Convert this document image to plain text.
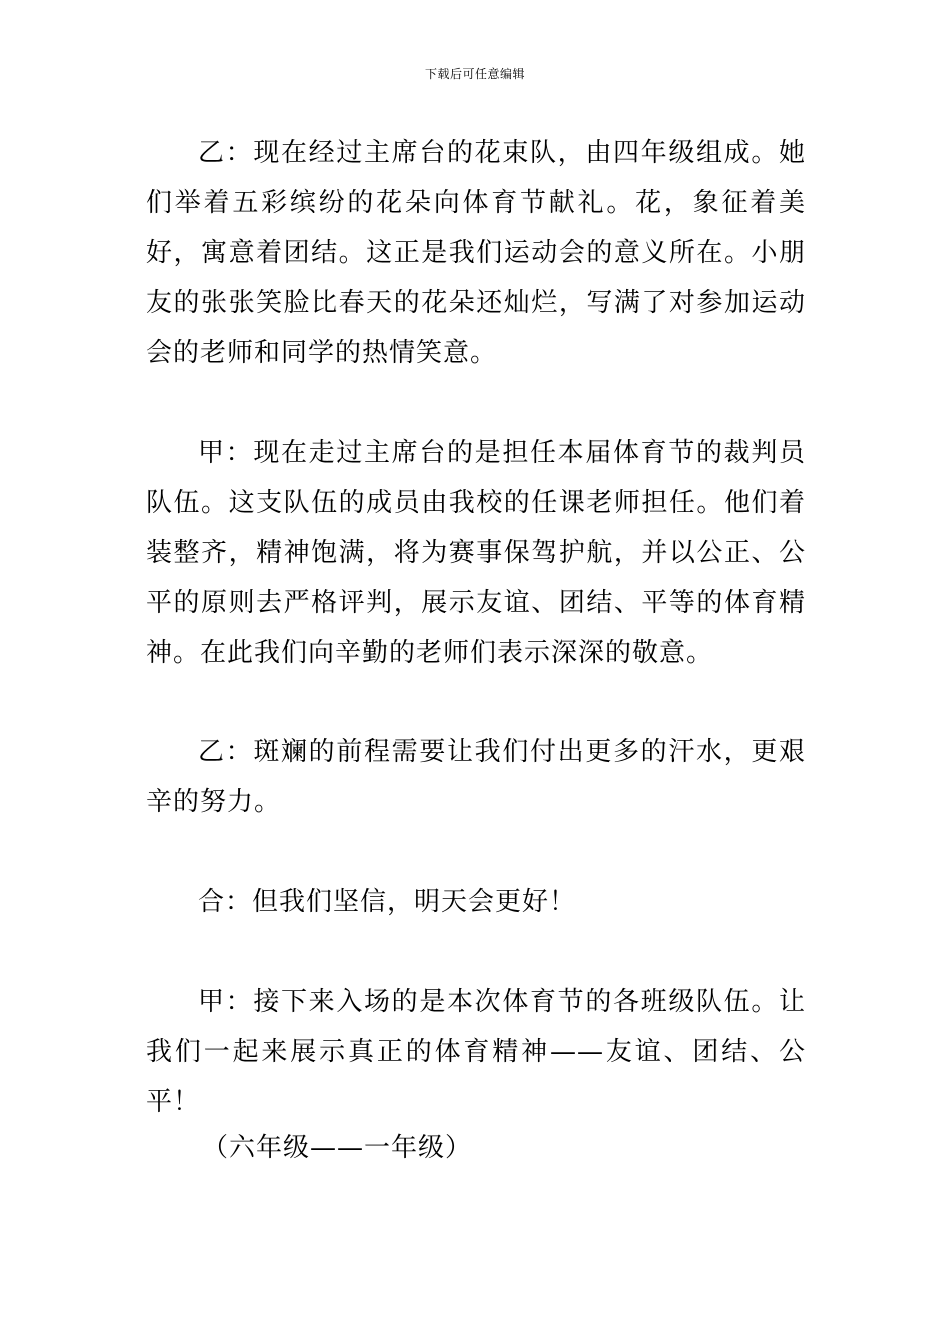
下载后可任意编辑

乙：现在经过主席台的花束队，由四年级组成。她们举着五彩缤纷的花朵向体育节献礼。花，象征着美好，寓意着团结。这正是我们运动会的意义所在。小朋友的张张笑脸比春天的花朵还灿烂，写满了对参加运动会的老师和同学的热情笑意。

甲：现在走过主席台的是担任本届体育节的裁判员队伍。这支队伍的成员由我校的任课老师担任。他们着装整齐，精神饱满，将为赛事保驾护航，并以公正、公平的原则去严格评判，展示友谊、团结、平等的体育精神。在此我们向辛勤的老师们表示深深的敬意。

乙：斑斓的前程需要让我们付出更多的汗水，更艰辛的努力。

合：但我们坚信，明天会更好！

甲：接下来入场的是本次体育节的各班级队伍。让我们一起来展示真正的体育精神——友谊、团结、公平！

（六年级——一年级）
